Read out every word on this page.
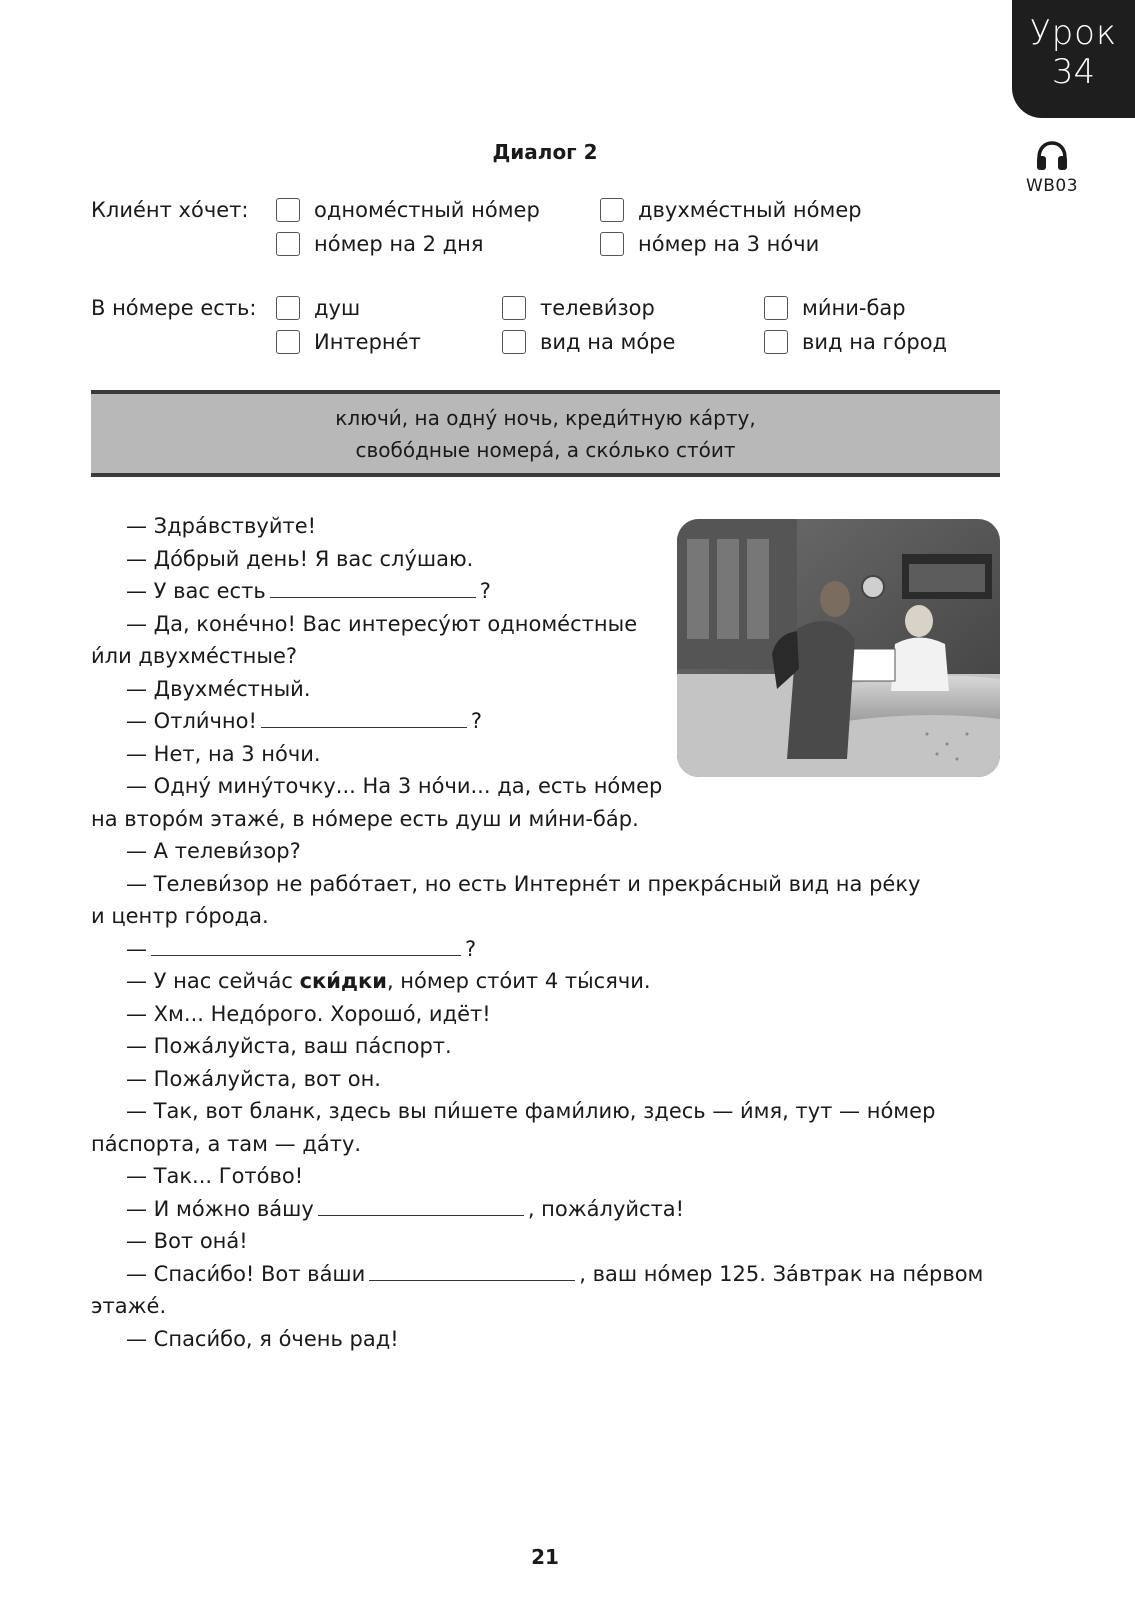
Урок
34
WB03
Диалог 2
Клие́нт хо́чет:	одноме́стный но́мер	двухме́стный но́мер
но́мер на 2 дня	но́мер на 3 но́чи
В но́мере есть:	душ	телеви́зор	ми́ни-бар
Интерне́т	вид на мо́ре	вид на го́род
ключи́, на одну́ ночь, креди́тную ка́рту,
свобо́дные номера́, а ско́лько сто́ит
— Здра́вствуйте!
— До́брый день! Я вас слу́шаю.
— У вас есть	?
— Да, коне́чно! Вас интересу́ют одноме́стные
и́ли двухме́стные?
— Двухме́стный.
— Отли́чно!	?
— Нет, на 3 но́чи.
— Одну́ мину́точку... На 3 но́чи... да, есть но́мер
на второ́м этаже́, в но́мере есть душ и ми́ни-ба́р.
— А телеви́зор?
— Телеви́зор не рабо́тает, но есть Интерне́т и прекра́сный вид на ре́ку
и центр го́рода.
—	?
— У нас сейча́с ски́дки, но́мер сто́ит 4 ты́сячи.
— Хм... Недо́рого. Хорошо́, идёт!
— Пожа́луйста, ваш па́спорт.
— Пожа́луйста, вот он.
— Так, вот бланк, здесь вы пи́шете фами́лию, здесь — и́мя, тут — но́мер
па́спорта, а там — да́ту.
— Так... Гото́во!
— И мо́жно ва́шу	, пожа́луйста!
— Вот она́!
— Спаси́бо! Вот ва́ши	, ваш но́мер 125. За́втрак на пе́рвом
этаже́.
— Спаси́бо, я о́чень рад!
21
